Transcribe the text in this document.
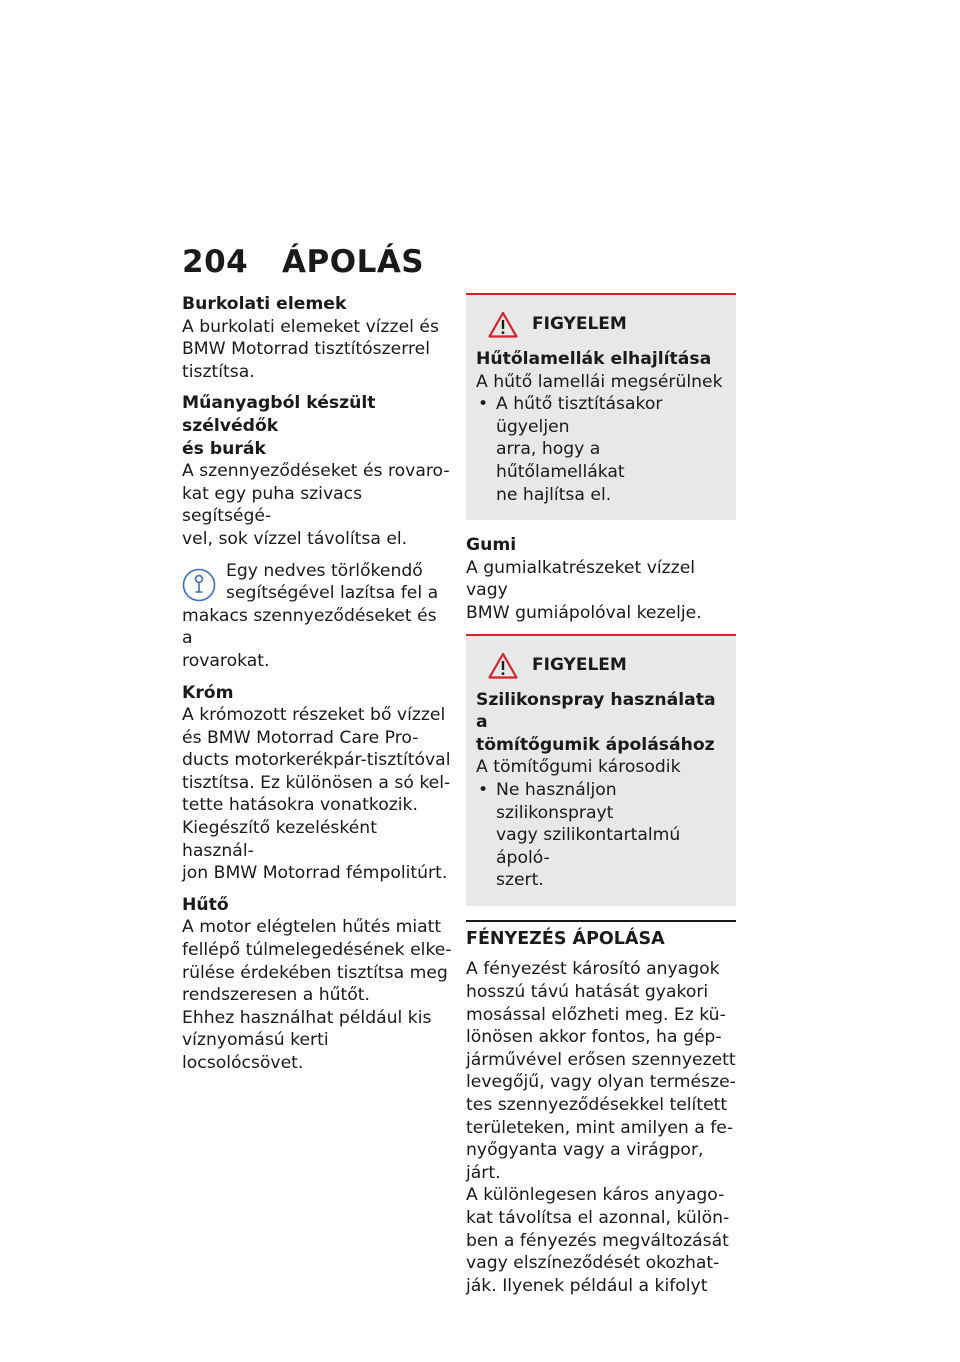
204 ÁPOLÁS
Burkolati elemek
A burkolati elemeket vízzel és
BMW Motorrad tisztítószerrel
tisztítsa.
Műanyagból készült szélvédők
és burák
A szennyeződéseket és rovaro-
kat egy puha szivacs segítségé-
vel, sok vízzel távolítsa el.
Egy nedves törlőkendő
segítségével lazítsa fel a
makacs szennyeződéseket és a
rovarokat.
Króm
A krómozott részeket bő vízzel
és BMW Motorrad Care Pro-
ducts motorkerékpár-tisztítóval
tisztítsa. Ez különösen a só kel-
tette hatásokra vonatkozik.
Kiegészítő kezelésként használ-
jon BMW Motorrad fémpolitúrt.
Hűtő
A motor elégtelen hűtés miatt
fellépő túlmelegedésének elke-
rülése érdekében tisztítsa meg
rendszeresen a hűtőt.
Ehhez használhat például kis
víznyomású kerti locsolócsövet.
FIGYELEM
Hűtőlamellák elhajlítása
A hűtő lamellái megsérülnek
• A hűtő tisztításakor ügyeljen
arra, hogy a hűtőlamellákat
ne hajlítsa el.
Gumi
A gumialkatrészeket vízzel vagy
BMW gumiápolóval kezelje.
FIGYELEM
Szilikonspray használata a
tömítőgumik ápolásához
A tömítőgumi károsodik
• Ne használjon szilikonsprayt
vagy szilikontartalmú ápoló-
szert.
FÉNYEZÉS ÁPOLÁSA
A fényezést károsító anyagok
hosszú távú hatását gyakori
mosással előzheti meg. Ez kü-
lönösen akkor fontos, ha gép-
járművével erősen szennyezett
levegőjű, vagy olyan természe-
tes szennyeződésekkel telített
területeken, mint amilyen a fe-
nyőgyanta vagy a virágpor, járt.
A különlegesen káros anyago-
kat távolítsa el azonnal, külön-
ben a fényezés megváltozását
vagy elszíneződését okozhat-
ják. Ilyenek például a kifolyt
